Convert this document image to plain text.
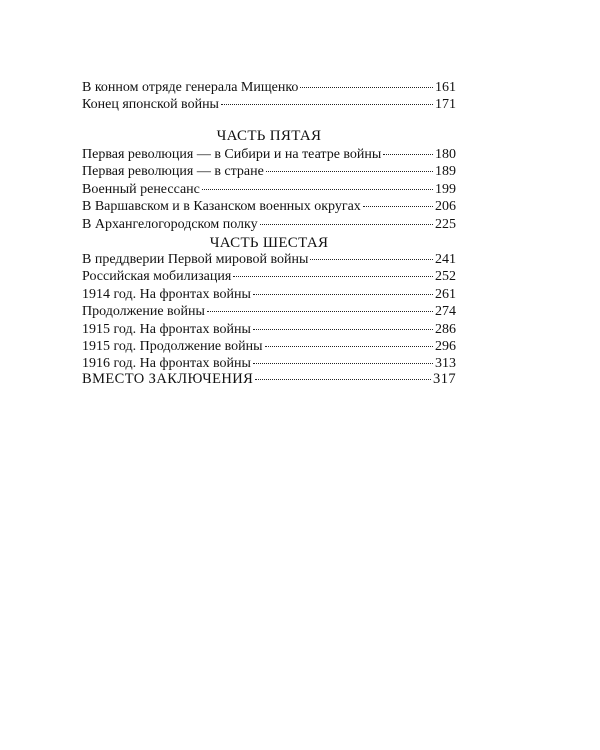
В конном отряде генерала Мищенко	161
Конец японской войны	171
ЧАСТЬ ПЯТАЯ
Первая революция — в Сибири и на театре войны	180
Первая революция — в стране	189
Военный ренессанс	199
В Варшавском и в Казанском военных округах	206
В Архангелогородском полку	225
ЧАСТЬ ШЕСТАЯ
В преддверии Первой мировой войны	241
Российская мобилизация	252
1914 год. На фронтах войны	261
Продолжение войны	274
1915 год. На фронтах войны	286
1915 год. Продолжение войны	296
1916 год. На фронтах войны	313
ВМЕСТО ЗАКЛЮЧЕНИЯ	317
